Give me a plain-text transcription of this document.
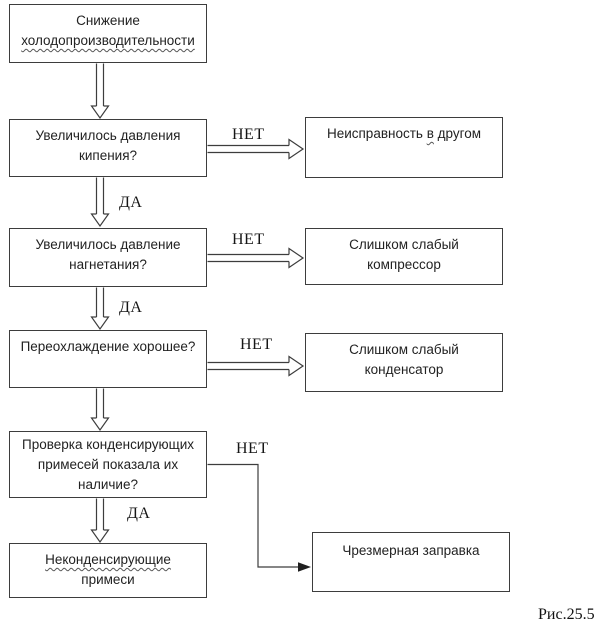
Снижение
холодопроизводительности
Увеличилось давления
кипения?
Увеличилось давление
нагнетания?
Переохлаждение хорошее?
Проверка конденсирующих
примесей показала их
наличие?
Неконденсирующие
примеси
Неисправность в другом
Слишком слабый
компрессор
Слишком слабый
конденсатор
Чрезмерная заправка
НЕТ
НЕТ
НЕТ
НЕТ
ДА
ДА
ДА
Рис.25.5
